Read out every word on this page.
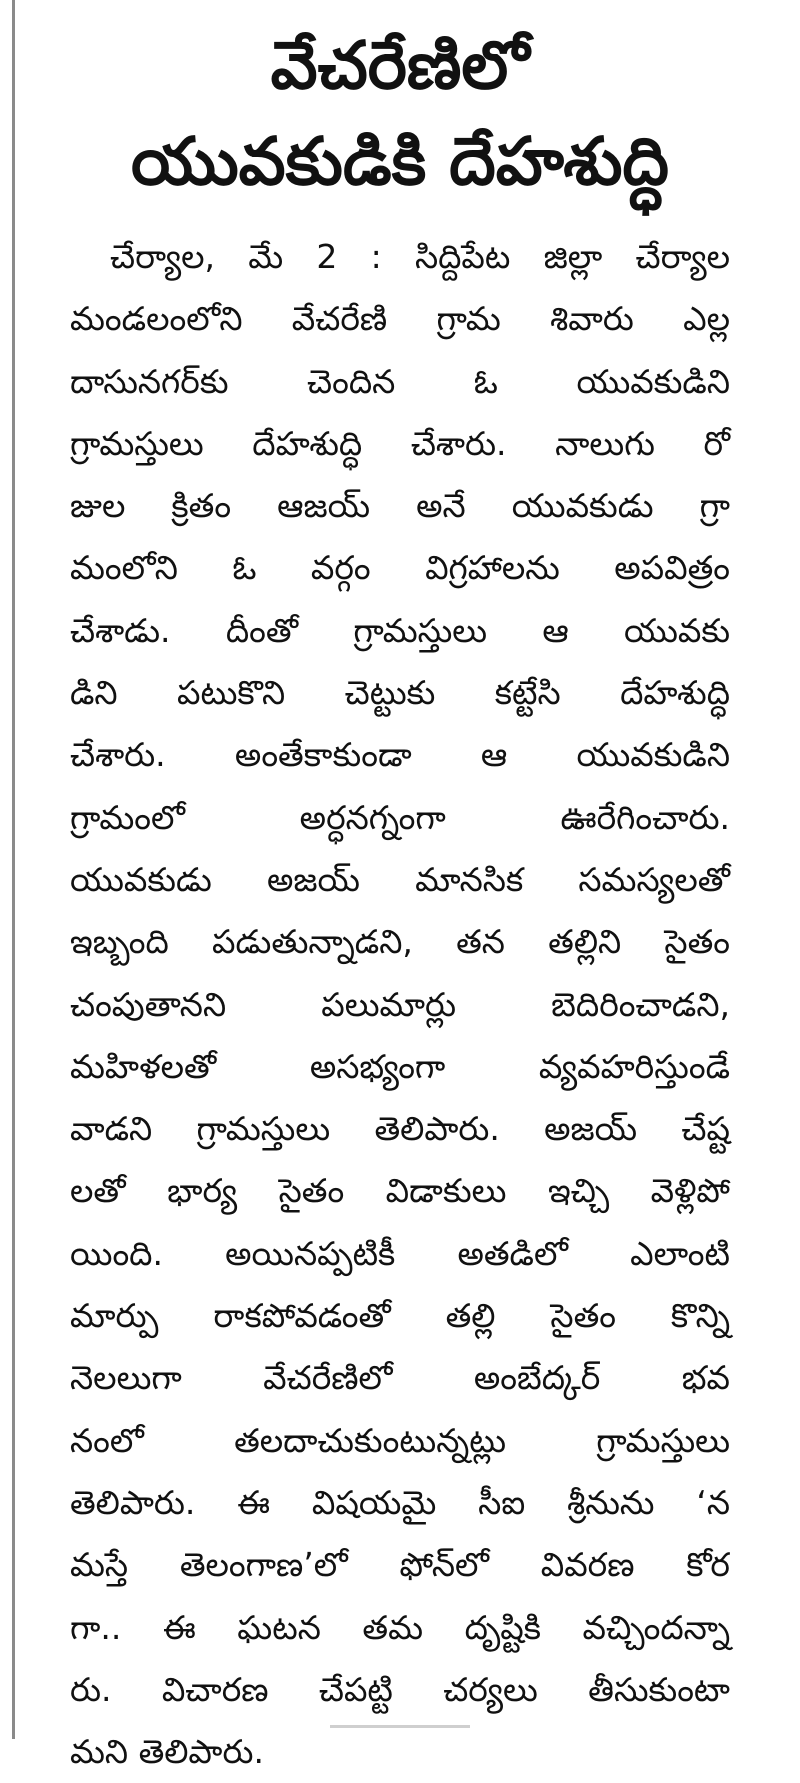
వేచరేణిలో
యువకుడికి దేహశుద్ధి
చేర్యాల, మే 2 : సిద్దిపేట జిల్లా చేర్యాల
మండలంలోని వేచరేణి గ్రామ శివారు ఎల్ల
దాసునగర్‌కు చెందిన ఓ యువకుడిని
గ్రామస్తులు దేహశుద్ధి చేశారు. నాలుగు రో
జుల క్రితం ఆజయ్ అనే యువకుడు గ్రా
మంలోని ఓ వర్గం విగ్రహాలను అపవిత్రం
చేశాడు. దీంతో గ్రామస్తులు ఆ యువకు
డిని పటుకొని చెట్టుకు కట్టేసి దేహశుద్ధి
చేశారు. అంతేకాకుండా ఆ యువకుడిని
గ్రామంలో అర్ధనగ్నంగా ఊరేగించారు.
యువకుడు అజయ్ మానసిక సమస్యలతో
ఇబ్బంది పడుతున్నాడని, తన తల్లిని సైతం
చంపుతానని పలుమార్లు బెదిరించాడని,
మహిళలతో అసభ్యంగా వ్యవహరిస్తుండే
వాడని గ్రామస్తులు తెలిపారు. అజయ్ చేష్ట
లతో భార్య సైతం విడాకులు ఇచ్చి వెళ్లిపో
యింది. అయినప్పటికీ అతడిలో ఎలాంటి
మార్పు రాకపోవడంతో తల్లి సైతం కొన్ని
నెలలుగా వేచరేణిలో అంబేద్కర్ భవ
నంలో తలదాచుకుంటున్నట్లు గ్రామస్తులు
తెలిపారు. ఈ విషయమై సీఐ శ్రీనును ‘న
మస్తే తెలంగాణ’లో ఫోన్‌లో వివరణ కోర
గా.. ఈ ఘటన తమ దృష్టికి వచ్చిందన్నా
రు. విచారణ చేపట్టి చర్యలు తీసుకుంటా
మని తెలిపారు.
